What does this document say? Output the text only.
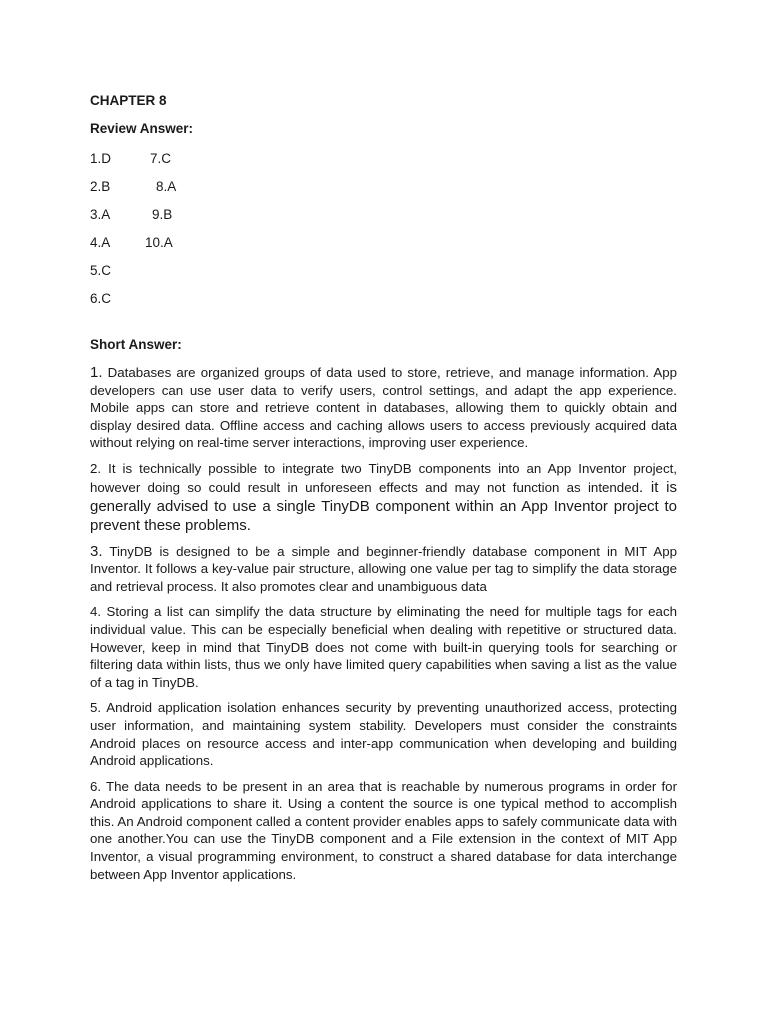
CHAPTER 8
Review Answer:
1.D	7.C
2.B	8.A
3.A	9.B
4.A	10.A
5.C
6.C
Short Answer:

1. Databases are organized groups of data used to store, retrieve, and manage information. App developers can use user data to verify users, control settings, and adapt the app experience. Mobile apps can store and retrieve content in databases, allowing them to quickly obtain and display desired data. Offline access and caching allows users to access previously acquired data without relying on real-time server interactions, improving user experience.

2. It is technically possible to integrate two TinyDB components into an App Inventor project, however doing so could result in unforeseen effects and may not function as intended. it is generally advised to use a single TinyDB component within an App Inventor project to prevent these problems.

3. TinyDB is designed to be a simple and beginner-friendly database component in MIT App Inventor. It follows a key-value pair structure, allowing one value per tag to simplify the data storage and retrieval process. It also promotes clear and unambiguous data

4. Storing a list can simplify the data structure by eliminating the need for multiple tags for each individual value. This can be especially beneficial when dealing with repetitive or structured data. However, keep in mind that TinyDB does not come with built-in querying tools for searching or filtering data within lists, thus we only have limited query capabilities when saving a list as the value of a tag in TinyDB.

5. Android application isolation enhances security by preventing unauthorized access, protecting user information, and maintaining system stability. Developers must consider the constraints Android places on resource access and inter-app communication when developing and building Android applications.

6. The data needs to be present in an area that is reachable by numerous programs in order for Android applications to share it. Using a content the source is one typical method to accomplish this. An Android component called a content provider enables apps to safely communicate data with one another.You can use the TinyDB component and a File extension in the context of MIT App Inventor, a visual programming environment, to construct a shared database for data interchange between App Inventor applications.
